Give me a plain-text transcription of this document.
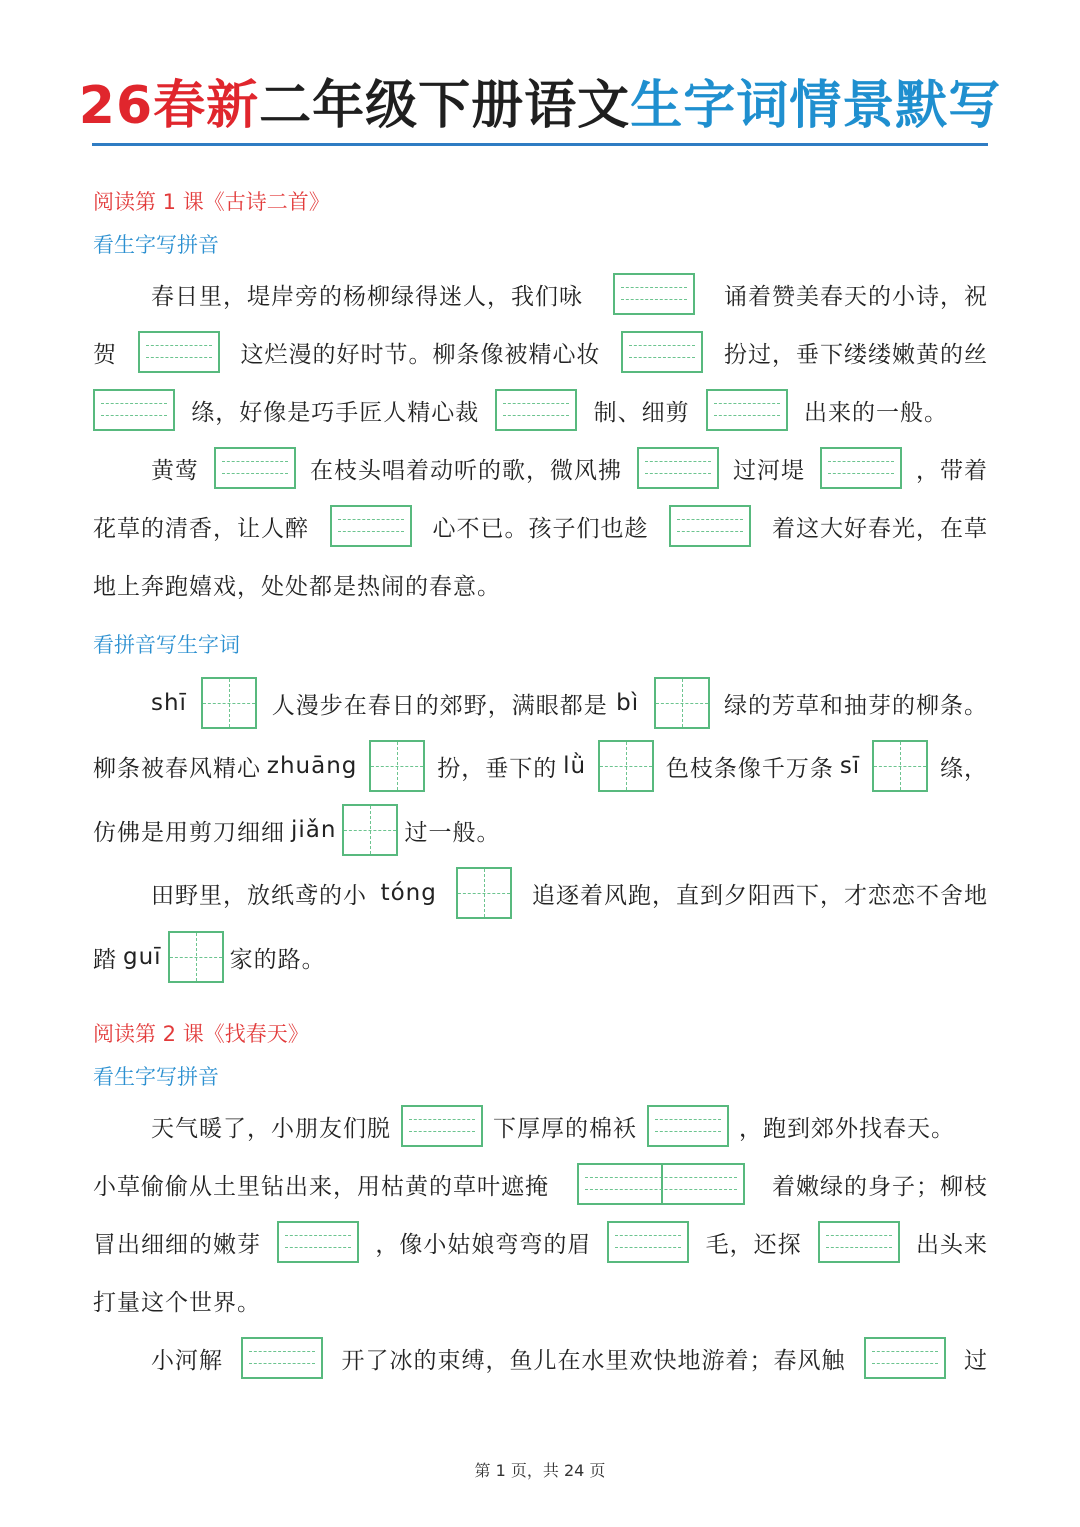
26春新二年级下册语文生字词情景默写
阅读第 1 课《古诗二首》
看生字写拼音
春日里，堤岸旁的杨柳绿得迷人，我们咏	诵着赞美春天的小诗，祝
贺	这烂漫的好时节。柳条像被精心妆	扮过，垂下缕缕嫩黄的丝
绦，好像是巧手匠人精心裁	制、细剪	出来的一般。
黄莺	在枝头唱着动听的歌，微风拂	过河堤	，带着
花草的清香，让人醉	心不已。孩子们也趁	着这大好春光，在草
地上奔跑嬉戏，处处都是热闹的春意。
看拼音写生字词
shī	人漫步在春日的郊野，满眼都是 bì	绿的芳草和抽芽的柳条。
柳条被春风精心 zhuāng	扮，垂下的 lǜ	色枝条像千万条 sī	绦，
仿佛是用剪刀细细 jiǎn	过一般。
田野里，放纸鸢的小 tóng	追逐着风跑，直到夕阳西下，才恋恋不舍地
踏 guī	家的路。
阅读第 2 课《找春天》
看生字写拼音
天气暖了，小朋友们脱	下厚厚的棉袄	，跑到郊外找春天。
小草偷偷从土里钻出来，用枯黄的草叶遮掩	着嫩绿的身子；柳枝
冒出细细的嫩芽	，像小姑娘弯弯的眉	毛，还探	出头来
打量这个世界。
小河解	开了冰的束缚，鱼儿在水里欢快地游着；春风触	过
第 1 页，共 24 页
